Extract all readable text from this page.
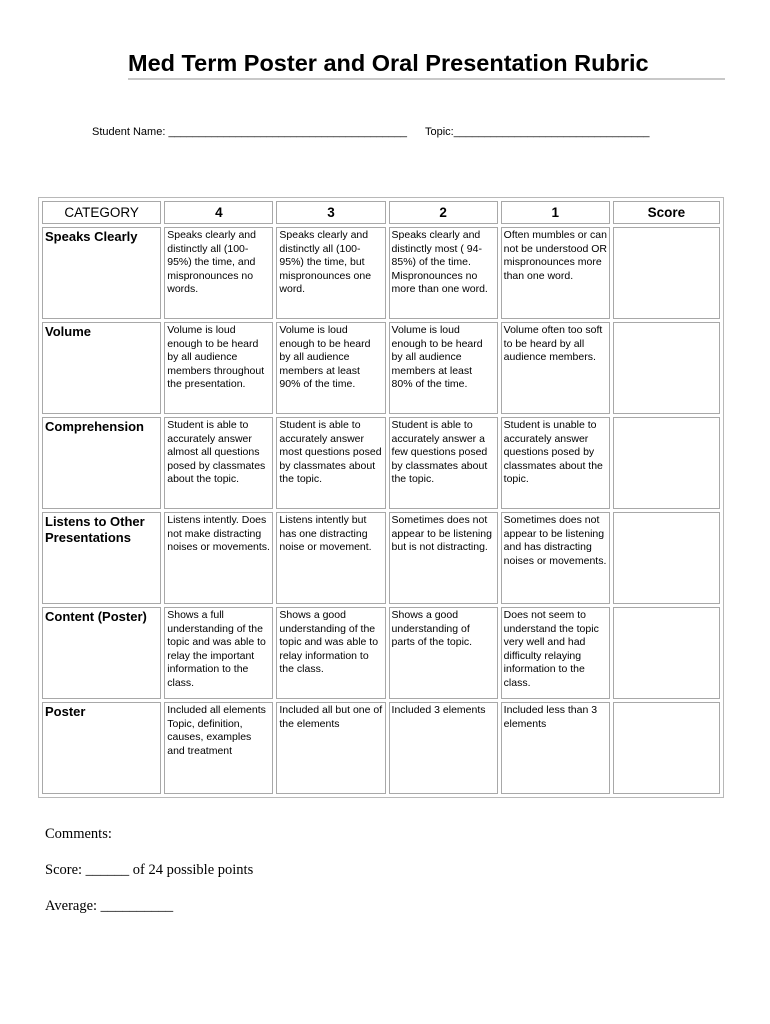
Med Term Poster and Oral Presentation Rubric
Student Name: _______________________________________ Topic:________________________________
CATEGORY	4	3	2	1	Score
Speaks Clearly	Speaks clearly and distinctly all (100-95%) the time, and mispronounces no words.	Speaks clearly and distinctly all (100-95%) the time, but mispronounces one word.	Speaks clearly and distinctly most ( 94-85%) of the time. Mispronounces no more than one word.	Often mumbles or can not be understood OR mispronounces more than one word.	
Volume	Volume is loud enough to be heard by all audience members throughout the presentation.	Volume is loud enough to be heard by all audience members at least 90% of the time.	Volume is loud enough to be heard by all audience members at least 80% of the time.	Volume often too soft to be heard by all audience members.	
Comprehension	Student is able to accurately answer almost all questions posed by classmates about the topic.	Student is able to accurately answer most questions posed by classmates about the topic.	Student is able to accurately answer a few questions posed by classmates about the topic.	Student is unable to accurately answer questions posed by classmates about the topic.	
Listens to Other Presentations	Listens intently. Does not make distracting noises or movements.	Listens intently but has one distracting noise or movement.	Sometimes does not appear to be listening but is not distracting.	Sometimes does not appear to be listening and has distracting noises or movements.	
Content (Poster)	Shows a full understanding of the topic and was able to relay the important information to the class.	Shows a good understanding of the topic and was able to relay information to the class.	Shows a good understanding of parts of the topic.	Does not seem to understand the topic very well and had difficulty relaying information to the class.	
Poster	Included all elements Topic, definition, causes, examples and treatment	Included all but one of the elements	Included 3 elements	Included less than 3 elements	
Comments:
Score: ______ of 24 possible points
Average: __________
